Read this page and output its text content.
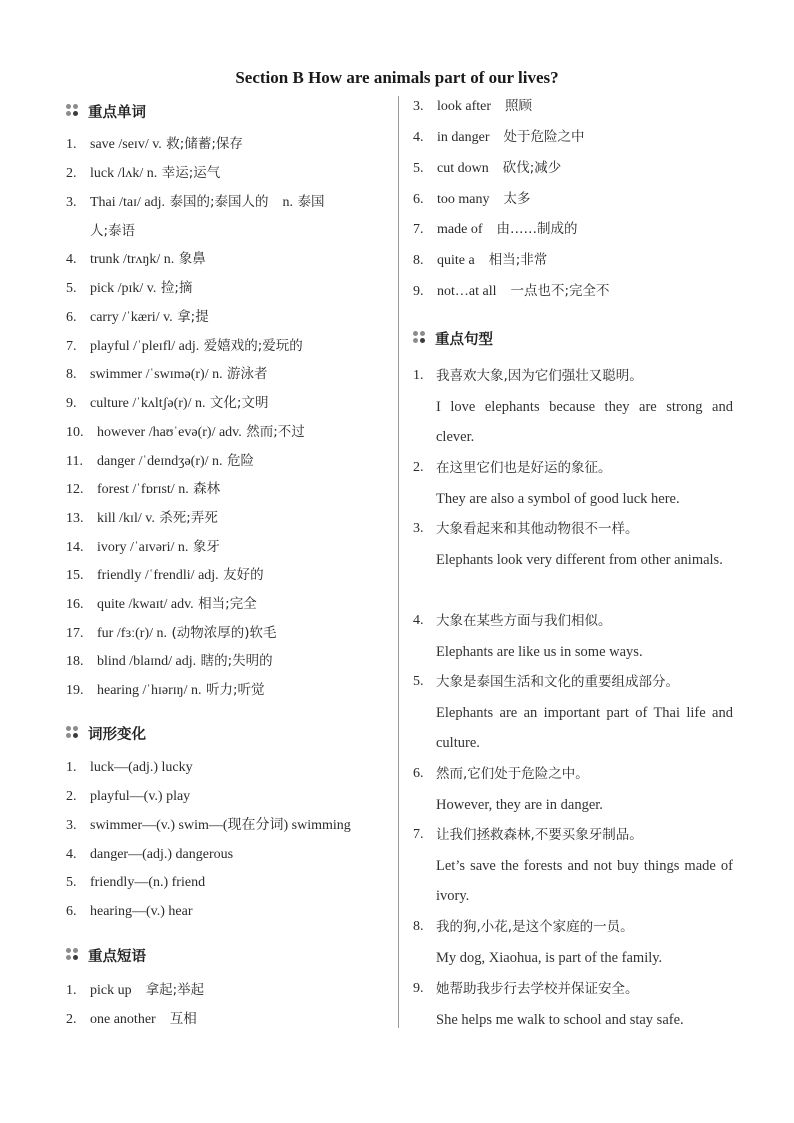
Section B How are animals part of our lives?
重点单词
1. save /seɪv/ v. 救;储蓄;保存
2. luck /lʌk/ n. 幸运;运气
3. Thai /taɪ/ adj. 泰国的;泰国人的 n. 泰国
人;泰语
4. trunk /trʌŋk/ n. 象鼻
5. pick /pɪk/ v. 捡;摘
6. carry /ˈkæri/ v. 拿;提
7. playful /ˈpleɪfl/ adj. 爱嬉戏的;爱玩的
8. swimmer /ˈswɪmə(r)/ n. 游泳者
9. culture /ˈkʌltʃə(r)/ n. 文化;文明
10. however /haʊˈevə(r)/ adv. 然而;不过
11.	danger /ˈdeɪndʒə(r)/ n. 危险
12. forest /ˈfɒrɪst/ n. 森林
13. kill /kɪl/ v. 杀死;弄死
14. ivory /ˈaɪvəri/ n. 象牙
15. friendly /ˈfrendli/ adj. 友好的
16. quite /kwaɪt/ adv. 相当;完全
17. fur /fɜː(r)/ n. (动物浓厚的)软毛
18. blind /blaɪnd/ adj. 瞎的;失明的
19. hearing /ˈhɪərɪŋ/ n. 听力;听觉
词形变化
1. luck—(adj.) lucky
2. playful—(v.) play
3. swimmer—(v.) swim—(现在分词) swimming
4. danger—(adj.) dangerous
5. friendly—(n.) friend
6. hearing—(v.) hear
重点短语
1. pick up 拿起;举起
2. one another 互相
3. look after 照顾
4. in danger 处于危险之中
5. cut down 砍伐;减少
6. too many 太多
7. made of 由……制成的
8. quite a 相当;非常
9. not…at all 一点也不;完全不
重点句型
1. 我喜欢大象,因为它们强壮又聪明。
I love elephants because they are strong and clever.
2. 在这里它们也是好运的象征。
They are also a symbol of good luck here.
3. 大象看起来和其他动物很不一样。
Elephants look very different from other animals.
4. 大象在某些方面与我们相似。
Elephants are like us in some ways.
5. 大象是泰国生活和文化的重要组成部分。
Elephants are an important part of Thai life and culture.
6. 然而,它们处于危险之中。
However, they are in danger.
7. 让我们拯救森林,不要买象牙制品。
Let’s save the forests and not buy things made of ivory.
8. 我的狗,小花,是这个家庭的一员。
My dog, Xiaohua, is part of the family.
9. 她帮助我步行去学校并保证安全。
She helps me walk to school and stay safe.
